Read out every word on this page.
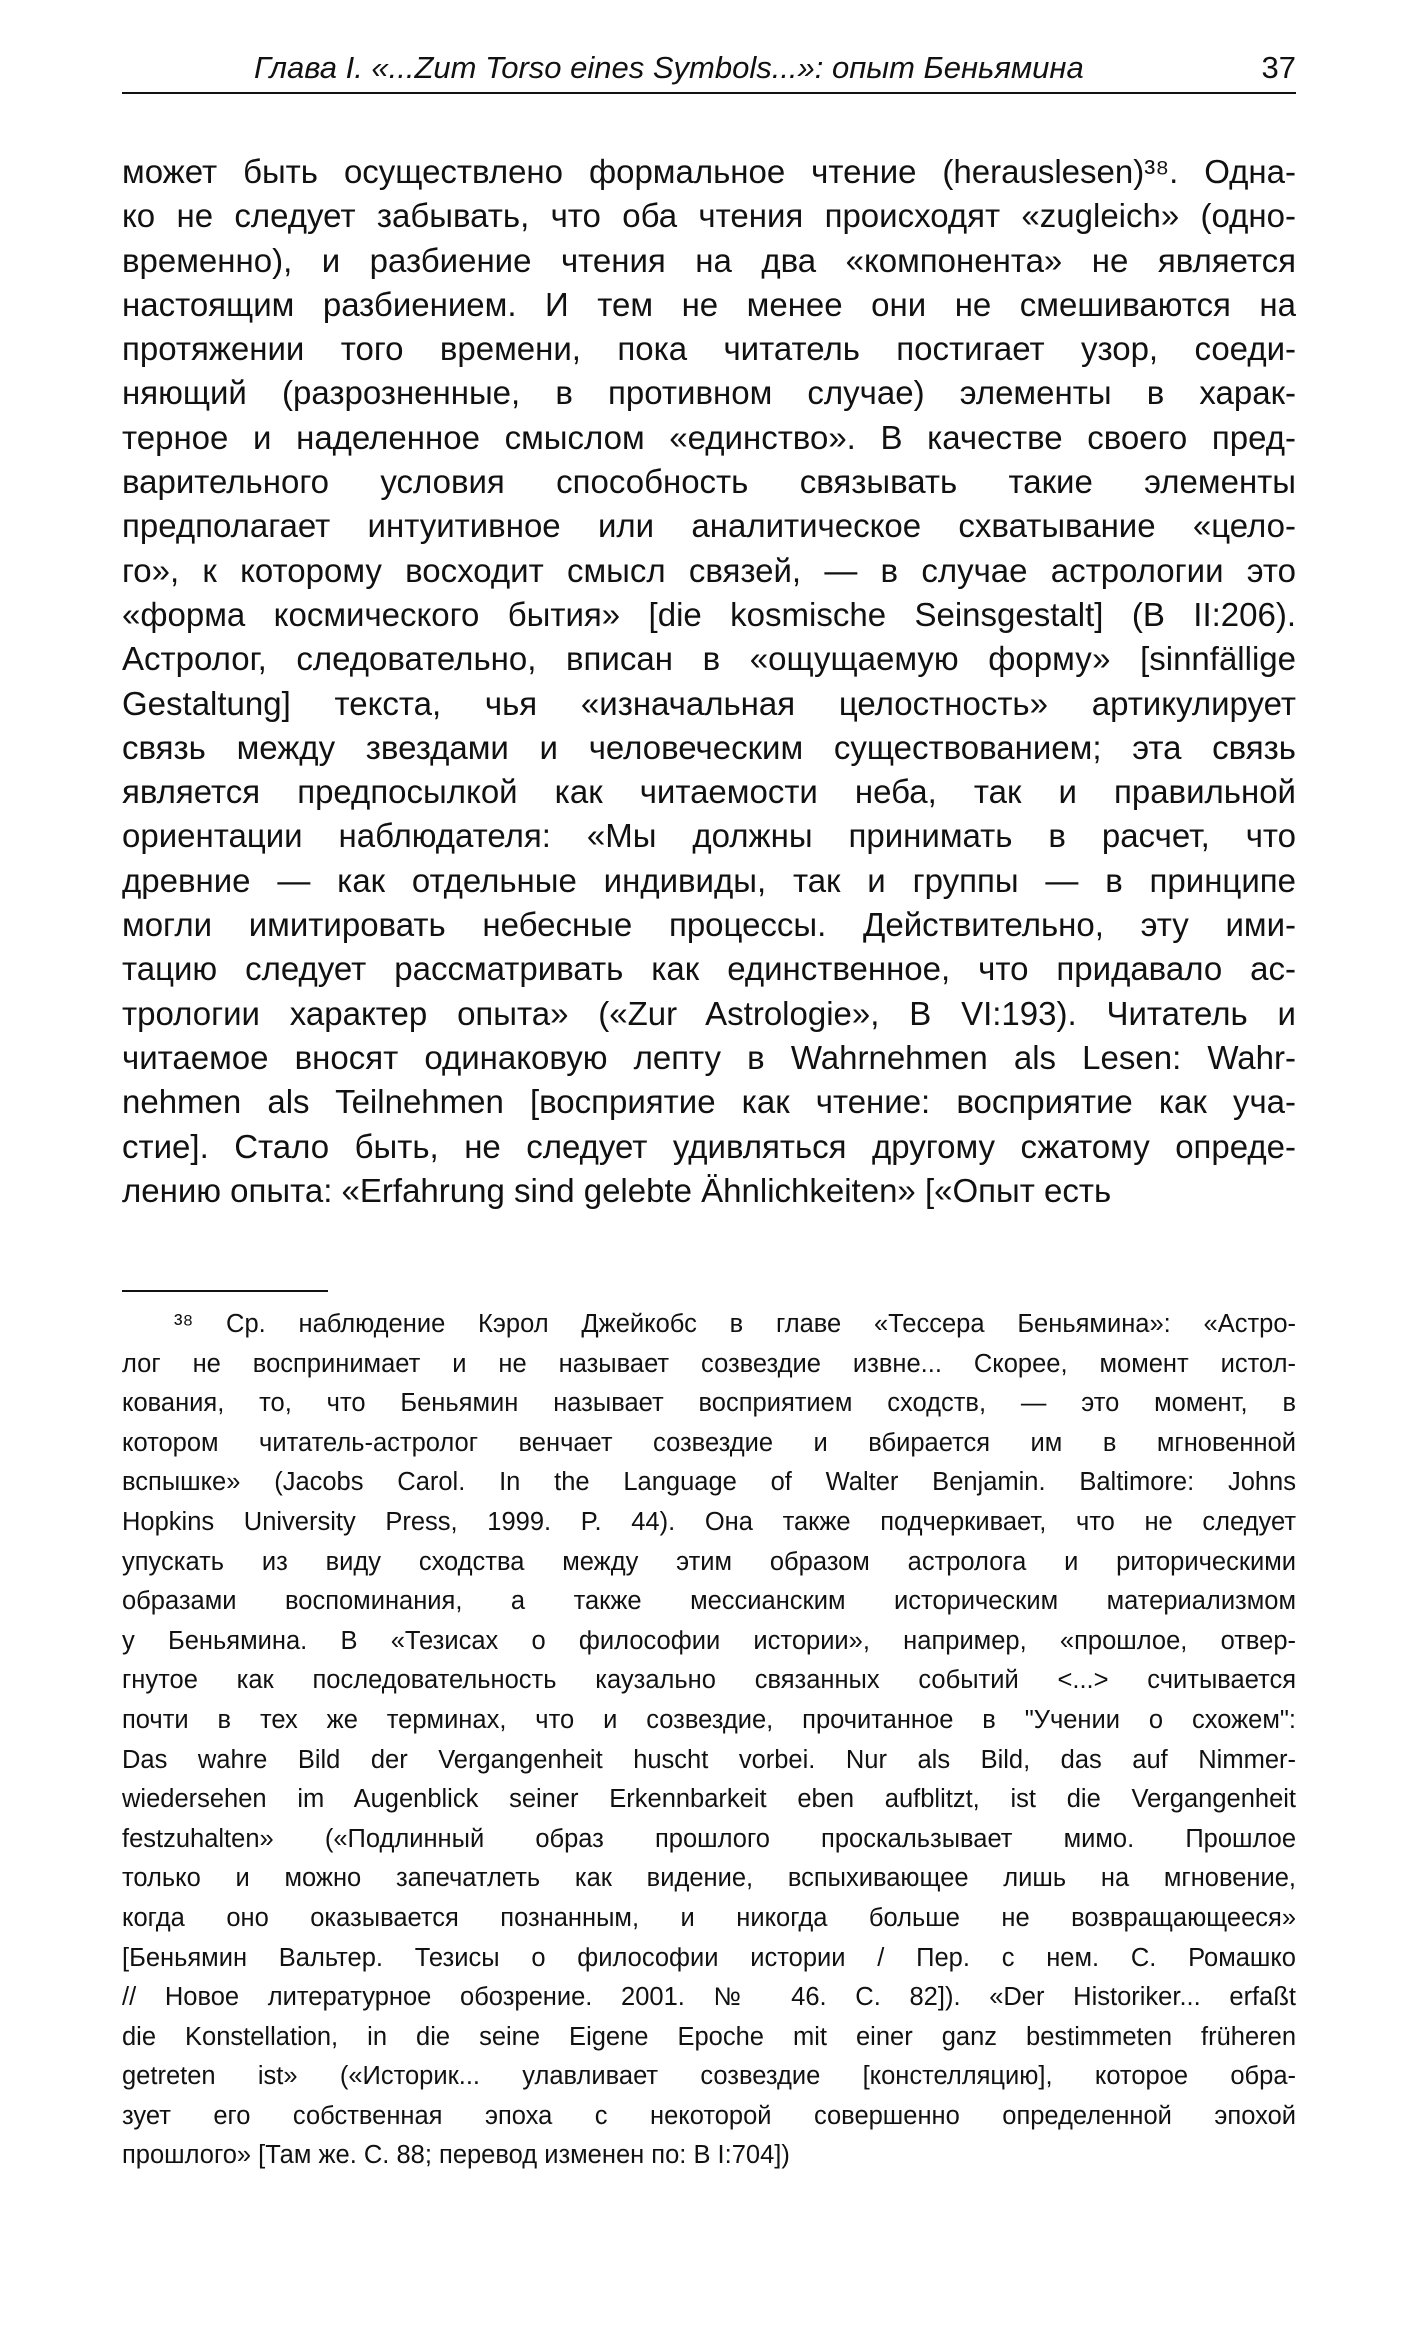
Глава I. «...Zum Torso eines Symbols...»: опыт Беньямина	37
может быть осуществлено формальное чтение (herauslesen)³⁸. Одна-
ко не следует забывать, что оба чтения происходят «zugleich» (одно-
временно), и разбиение чтения на два «компонента» не является
настоящим разбиением. И тем не менее они не смешиваются на
протяжении того времени, пока читатель постигает узор, соеди-
няющий (разрозненные, в противном случае) элементы в харак-
терное и наделенное смыслом «единство». В качестве своего пред-
варительного условия способность связывать такие элементы
предполагает интуитивное или аналитическое схватывание «цело-
го», к которому восходит смысл связей, — в случае астрологии это
«форма космического бытия» [die kosmische Seinsgestalt] (B II:206).
Астролог, следовательно, вписан в «ощущаемую форму» [sinnfällige
Gestaltung] текста, чья «изначальная целостность» артикулирует
связь между звездами и человеческим существованием; эта связь
является предпосылкой как читаемости неба, так и правильной
ориентации наблюдателя: «Мы должны принимать в расчет, что
древние — как отдельные индивиды, так и группы — в принципе
могли имитировать небесные процессы. Действительно, эту ими-
тацию следует рассматривать как единственное, что придавало ас-
трологии характер опыта» («Zur Astrologie», B VI:193). Читатель и
читаемое вносят одинаковую лепту в Wahrnehmen als Lesen: Wahr-
nehmen als Teilnehmen [восприятие как чтение: восприятие как уча-
стие]. Стало быть, не следует удивляться другому сжатому опреде-
лению опыта: «Erfahrung sind gelebte Ähnlichkeiten» [«Опыт есть
³⁸ Ср. наблюдение Кэрол Джейкобс в главе «Тессера Беньямина»: «Астро-
лог не воспринимает и не называет созвездие извне... Скорее, момент истол-
кования, то, что Беньямин называет восприятием сходств, — это момент, в
котором читатель-астролог венчает созвездие и вбирается им в мгновенной
вспышке» (Jacobs Carol. In the Language of Walter Benjamin. Baltimore: Johns
Hopkins University Press, 1999. P. 44). Она также подчеркивает, что не следует
упускать из виду сходства между этим образом астролога и риторическими
образами воспоминания, а также мессианским историческим материализмом
у Беньямина. В «Тезисах о философии истории», например, «прошлое, отвер-
гнутое как последовательность каузально связанных событий <...> считывается
почти в тех же терминах, что и созвездие, прочитанное в "Учении о схожем":
Das wahre Bild der Vergangenheit huscht vorbei. Nur als Bild, das auf Nimmer-
wiedersehen im Augenblick seiner Erkennbarkeit eben aufblitzt, ist die Vergangenheit
festzuhalten» («Подлинный образ прошлого проскальзывает мимо. Прошлое
только и можно запечатлеть как видение, вспыхивающее лишь на мгновение,
когда оно оказывается познанным, и никогда больше не возвращающееся»
[Беньямин Вальтер. Тезисы о философии истории / Пер. с нем. С. Ромашко
// Новое литературное обозрение. 2001. № 46. С. 82]). «Der Historiker... erfaßt
die Konstellation, in die seine Eigene Epoche mit einer ganz bestimmeten früheren
getreten ist» («Историк... улавливает созвездие [констелляцию], которое обра-
зует его собственная эпоха с некоторой совершенно определенной эпохой
прошлого» [Там же. С. 88; перевод изменен по: B I:704])
